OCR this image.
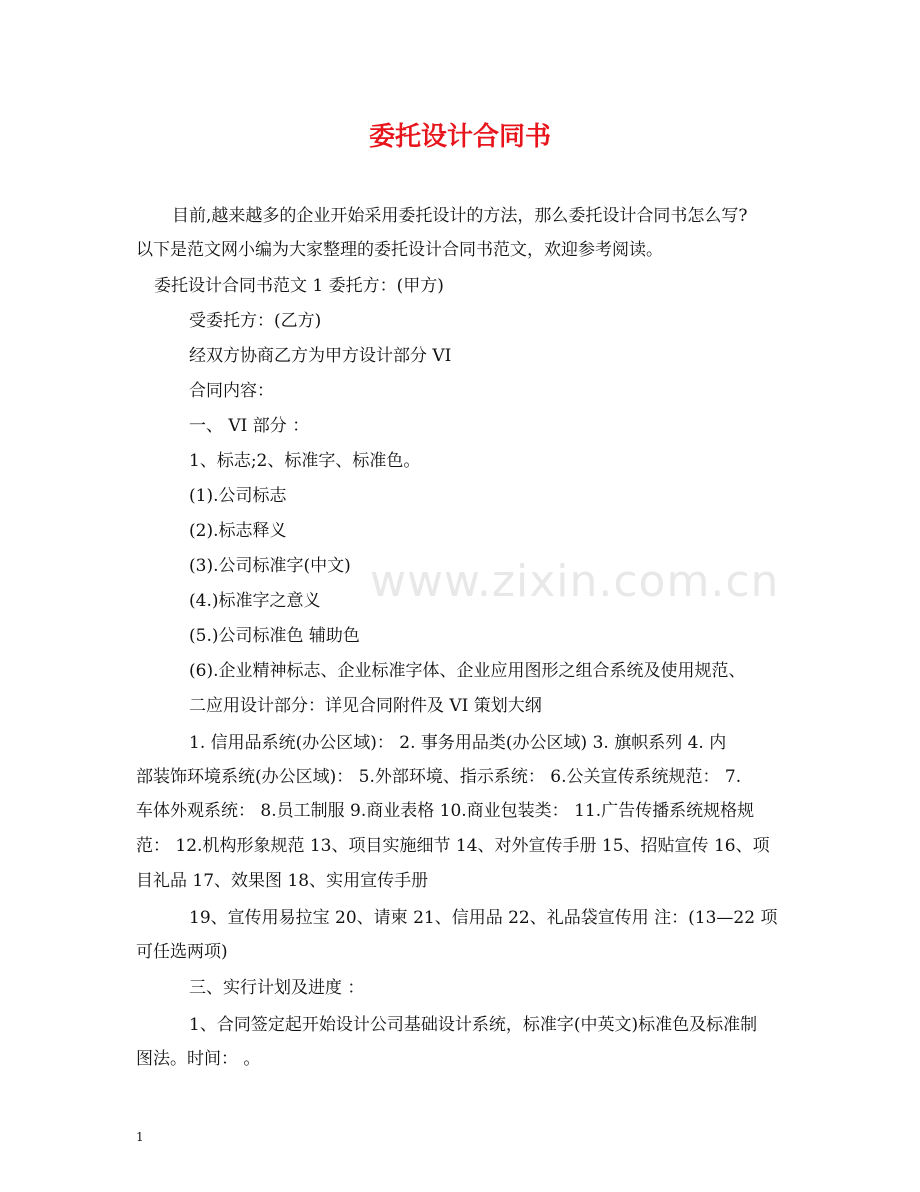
www.zixin.com.cn
委托设计合同书
目前,越来越多的企业开始采用委托设计的方法，那么委托设计合同书怎么写?
以下是范文网小编为大家整理的委托设计合同书范文，欢迎参考阅读。
委托设计合同书范文 1 委托方：(甲方)
受委托方：(乙方)
经双方协商乙方为甲方设计部分 VI
合同内容：
一、 VI 部分 ：
1、标志;2、标准字、标准色。
(1).公司标志
(2).标志释义
(3).公司标准字(中文)
(4.)标准字之意义
(5.)公司标准色 辅助色
(6).企业精神标志、企业标准字体、企业应用图形之组合系统及使用规范、
二应用设计部分：详见合同附件及 VI 策划大纲
1. 信用品系统(办公区域)： 2. 事务用品类(办公区域) 3. 旗帜系列 4. 内
部装饰环境系统(办公区域)： 5.外部环境、指示系统： 6.公关宣传系统规范： 7.
车体外观系统： 8.员工制服 9.商业表格 10.商业包装类： 11.广告传播系统规格规
范： 12.机构形象规范 13、项目实施细节 14、对外宣传手册 15、招贴宣传 16、项
目礼品 17、效果图 18、实用宣传手册
19、宣传用易拉宝 20、请柬 21、信用品 22、礼品袋宣传用 注：(13—22 项
可任选两项)
三、实行计划及进度 ：
1、合同签定起开始设计公司基础设计系统，标准字(中英文)标准色及标准制
图法。时间： 。
1
